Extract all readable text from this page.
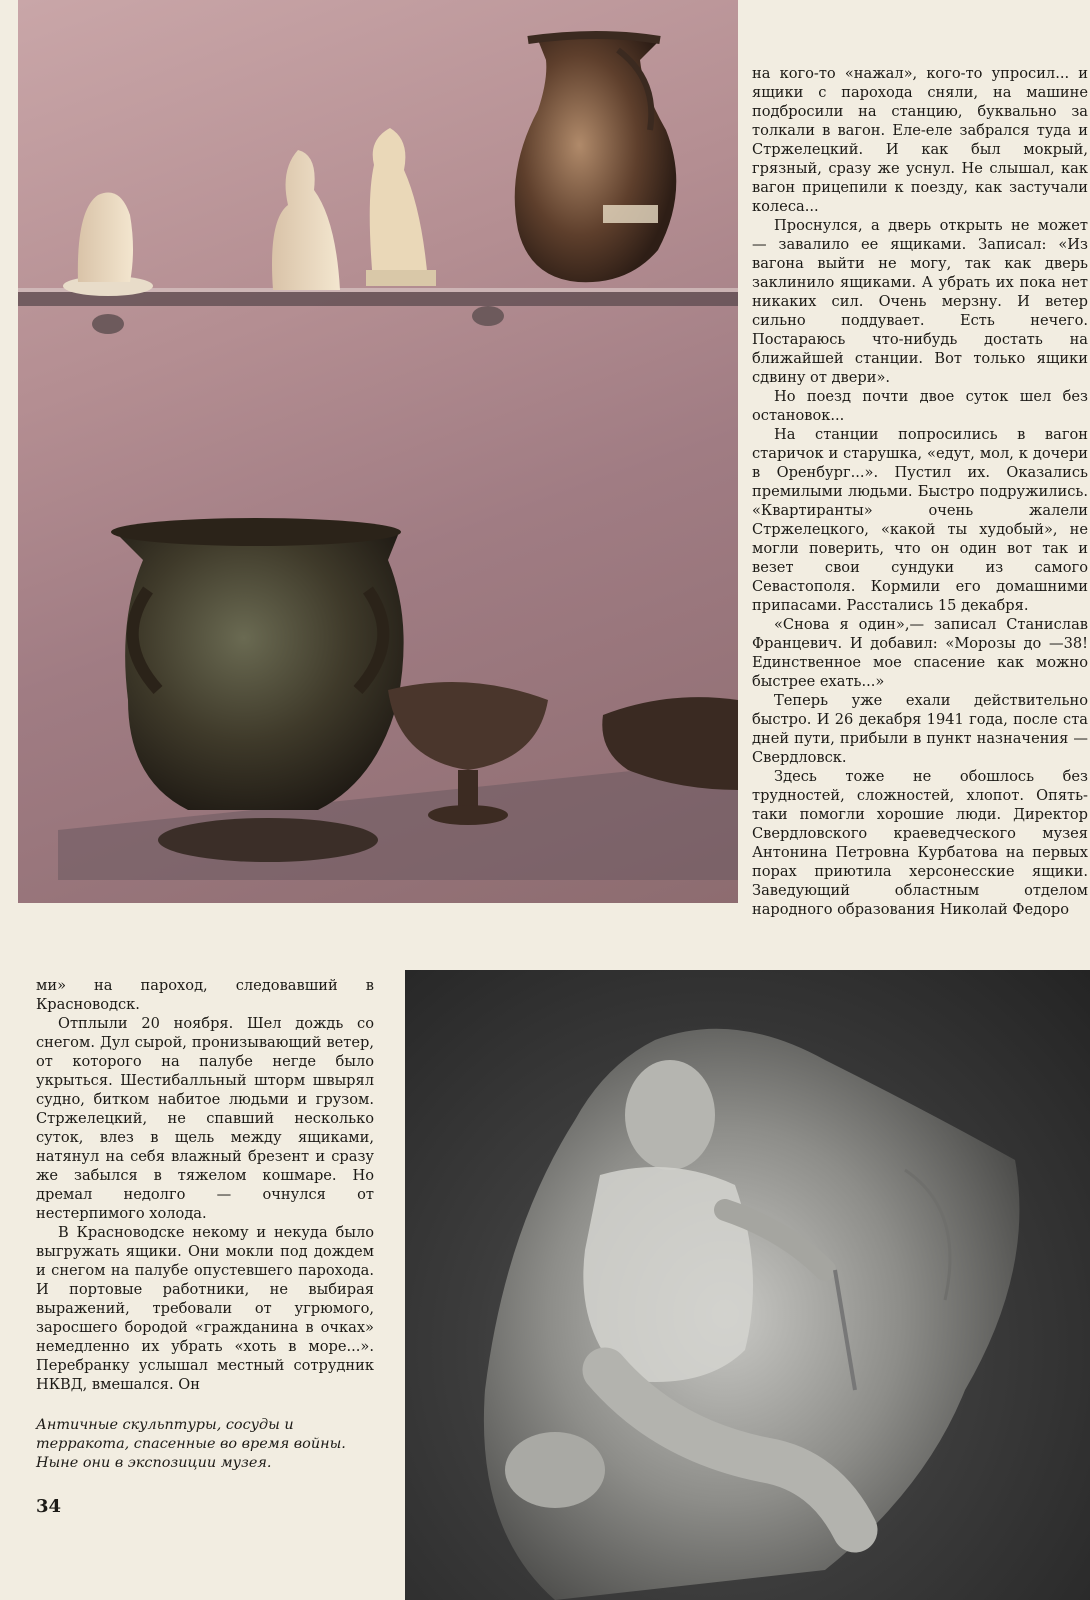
на кого-то «нажал», кого-то упросил... и ящики с парохода сняли, на машине подбросили на станцию, буквально за толкали в вагон. Еле-еле забрался туда и Стржелецкий. И как был мокрый, грязный, сразу же уснул. Не слышал, как вагон прицепили к поезду, как застучали колеса...

Проснулся, а дверь открыть не может — завалило ее ящиками. Записал: «Из вагона выйти не могу, так как дверь заклинило ящиками. А убрать их пока нет никаких сил. Очень мерзну. И ветер сильно поддувает. Есть нечего. Постараюсь что-нибудь достать на ближайшей станции. Вот только ящики сдвину от двери».

Но поезд почти двое суток шел без остановок...

На станции попросились в вагон старичок и старушка, «едут, мол, к дочери в Оренбург...». Пустил их. Оказались премилыми людьми. Быстро подружились. «Квартиранты» очень жалели Стржелецкого, «какой ты худобый», не могли поверить, что он один вот так и везет свои сундуки из самого Севастополя. Кормили его домашними припасами. Расстались 15 декабря.

«Снова я один»,— записал Станислав Францевич. И добавил: «Морозы до —38! Единственное мое спасение как можно быстрее ехать...»

Теперь уже ехали действительно быстро. И 26 декабря 1941 года, после ста дней пути, прибыли в пункт назначения — Свердловск.

Здесь тоже не обошлось без трудностей, сложностей, хлопот. Опять-таки помогли хорошие люди. Директор Свердловского краеведческого музея Антонина Петровна Курбатова на первых порах приютила херсонесские ящики. Заведующий областным отделом народного образования Николай Федоро

ми» на пароход, следовавший в Красноводск.

Отплыли 20 ноября. Шел дождь со снегом. Дул сырой, пронизывающий ветер, от которого на палубе негде было укрыться. Шестибалльный шторм швырял судно, битком набитое людьми и грузом. Стржелецкий, не спавший несколько суток, влез в щель между ящиками, натянул на себя влажный брезент и сразу же забылся в тяжелом кошмаре. Но дремал недолго — очнулся от нестерпимого холода.

В Красноводске некому и некуда было выгружать ящики. Они мокли под дождем и снегом на палубе опустевшего парохода. И портовые работники, не выбирая выражений, требовали от угрюмого, заросшего бородой «гражданина в очках» немедленно их убрать «хоть в море...». Перебранку услышал местный сотрудник НКВД, вмешался. Он

Античные скульптуры, сосуды и терракота, спасенные во время войны. Ныне они в экспозиции музея.
34
